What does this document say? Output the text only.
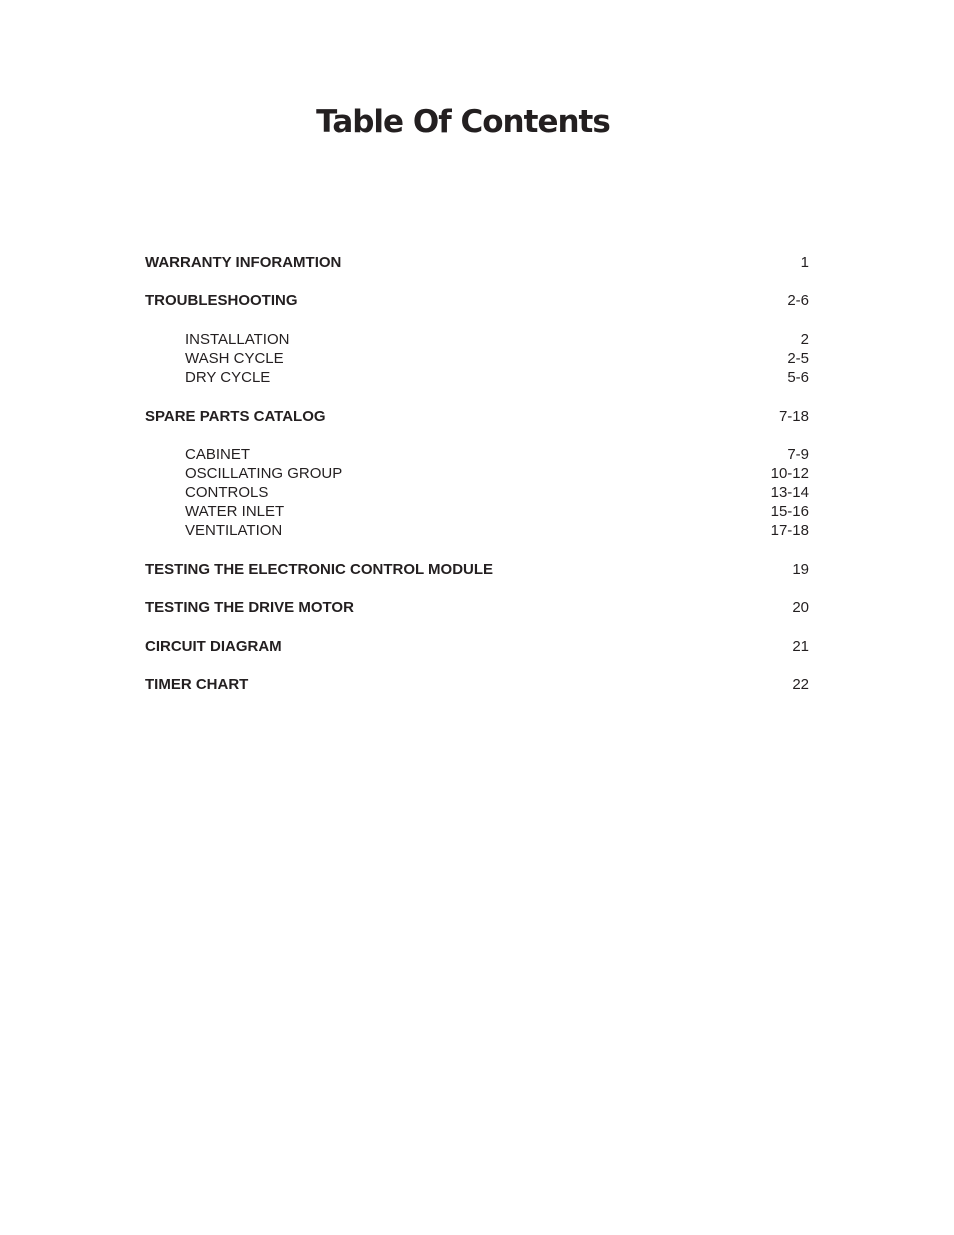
Table Of Contents
WARRANTY INFORAMTION	1
TROUBLESHOOTING	2-6
INSTALLATION	2
WASH CYCLE	2-5
DRY CYCLE	5-6
SPARE PARTS CATALOG	7-18
CABINET	7-9
OSCILLATING GROUP	10-12
CONTROLS	13-14
WATER INLET	15-16
VENTILATION	17-18
TESTING THE ELECTRONIC CONTROL MODULE	19
TESTING THE DRIVE MOTOR	20
CIRCUIT DIAGRAM	21
TIMER CHART	22
